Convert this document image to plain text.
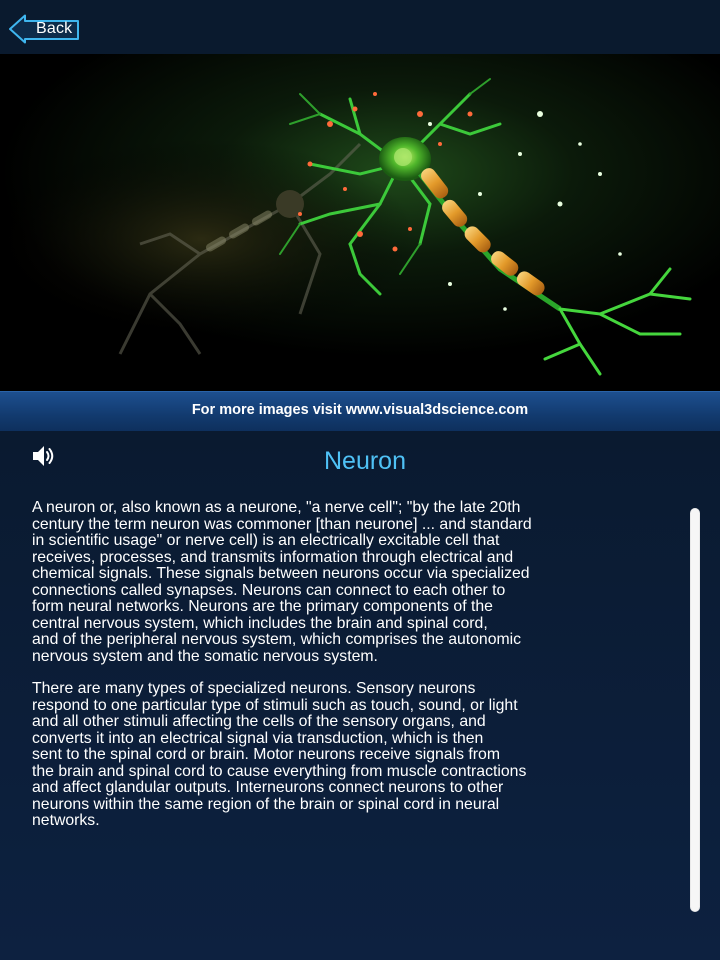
Back
For more images visit www.visual3dscience.com
Neuron

A neuron or, also known as a neurone, "a nerve cell"; "by the late 20th
century the term neuron was commoner [than neurone] ... and standard
in scientific usage" or nerve cell) is an electrically excitable cell that
receives, processes, and transmits information through electrical and
chemical signals. These signals between neurons occur via specialized
connections called synapses. Neurons can connect to each other to
form neural networks. Neurons are the primary components of the
central nervous system, which includes the brain and spinal cord,
and of the peripheral nervous system, which comprises the autonomic
nervous system and the somatic nervous system.

There are many types of specialized neurons. Sensory neurons
respond to one particular type of stimuli such as touch, sound, or light
and all other stimuli affecting the cells of the sensory organs, and
converts it into an electrical signal via transduction, which is then
sent to the spinal cord or brain. Motor neurons receive signals from
the brain and spinal cord to cause everything from muscle contractions
and affect glandular outputs. Interneurons connect neurons to other
neurons within the same region of the brain or spinal cord in neural
networks.
